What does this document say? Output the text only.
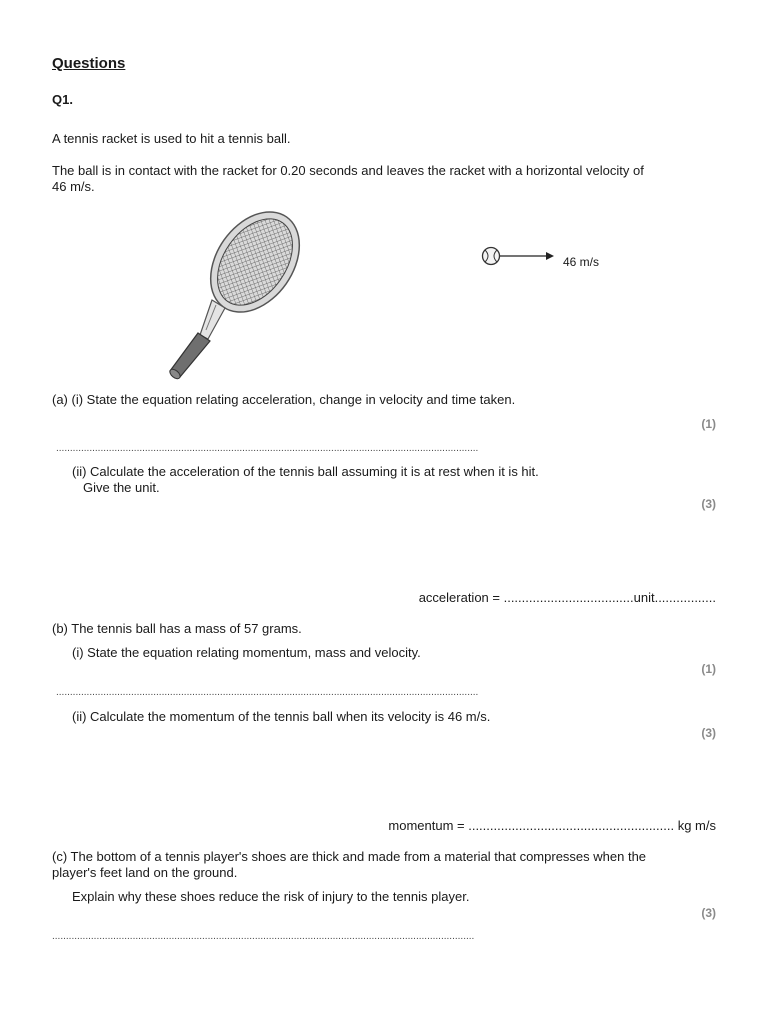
Questions
Q1.
A tennis racket is used to hit a tennis ball.
The ball is in contact with the racket for 0.20 seconds and leaves the racket with a horizontal velocity of
46 m/s.
46 m/s
(a) (i) State the equation relating acceleration, change in velocity and time taken.
(1)
........................................................................................................................................................
(ii) Calculate the acceleration of the tennis ball assuming it is at rest when it is hit.
Give the unit.
(3)
acceleration = ....................................unit.................
(b) The tennis ball has a mass of 57 grams.
(i) State the equation relating momentum, mass and velocity.
(1)
........................................................................................................................................................
(ii) Calculate the momentum of the tennis ball when its velocity is 46 m/s.
(3)
momentum = ......................................................... kg m/s
(c) The bottom of a tennis player's shoes are thick and made from a material that compresses when the
player's feet land on the ground.
Explain why these shoes reduce the risk of injury to the tennis player.
(3)
........................................................................................................................................................
